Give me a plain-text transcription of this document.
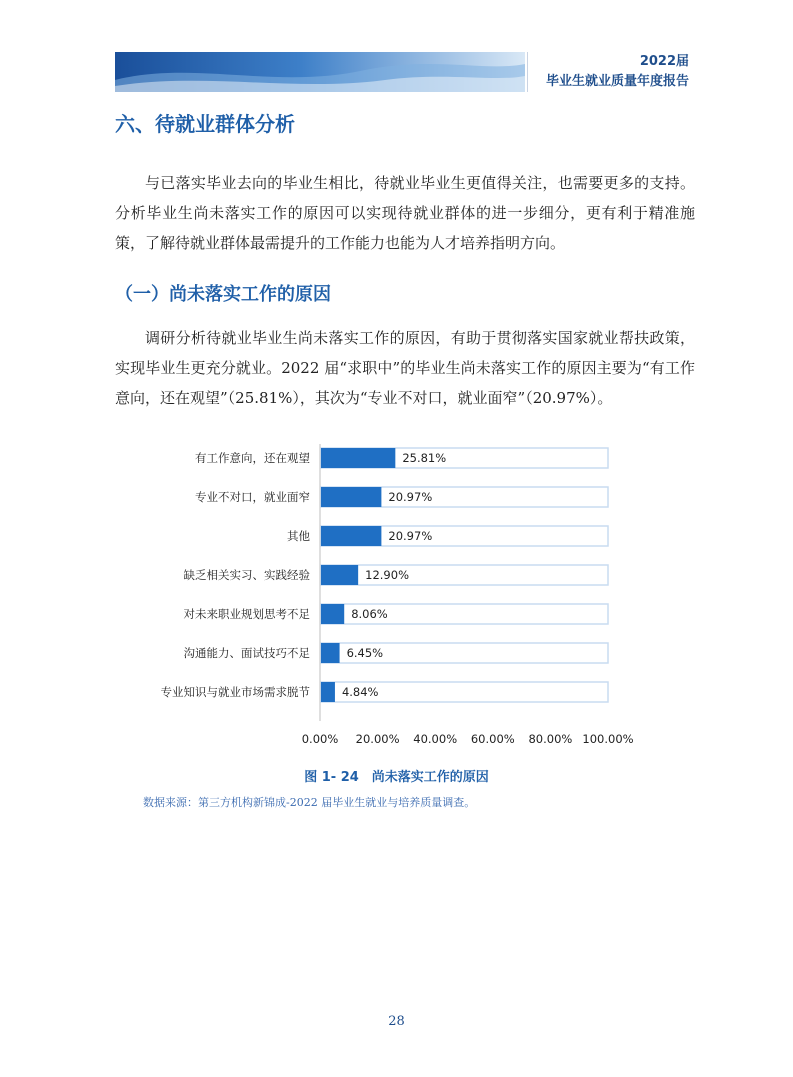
2022届
毕业生就业质量年度报告
六、待就业群体分析

与已落实毕业去向的毕业生相比，待就业毕业生更值得关注，也需要更多的支持。分析毕业生尚未落实工作的原因可以实现待就业群体的进一步细分，更有利于精准施策，了解待就业群体最需提升的工作能力也能为人才培养指明方向。

（一）尚未落实工作的原因

调研分析待就业毕业生尚未落实工作的原因，有助于贯彻落实国家就业帮扶政策，实现毕业生更充分就业。2022 届“求职中”的毕业生尚未落实工作的原因主要为“有工作意向，还在观望”（25.81%），其次为“专业不对口，就业面窄”（20.97%）。

有工作意向，还在观望	25.81%
专业不对口，就业面窄	20.97%
其他	20.97%
缺乏相关实习、实践经验	12.90%
对未来职业规划思考不足	8.06%
沟通能力、面试技巧不足	6.45%
专业知识与就业市场需求脱节	4.84%
0.00% 20.00% 40.00% 60.00% 80.00% 100.00%
图 1- 24　尚未落实工作的原因
数据来源：第三方机构新锦成-2022 届毕业生就业与培养质量调查。
28
